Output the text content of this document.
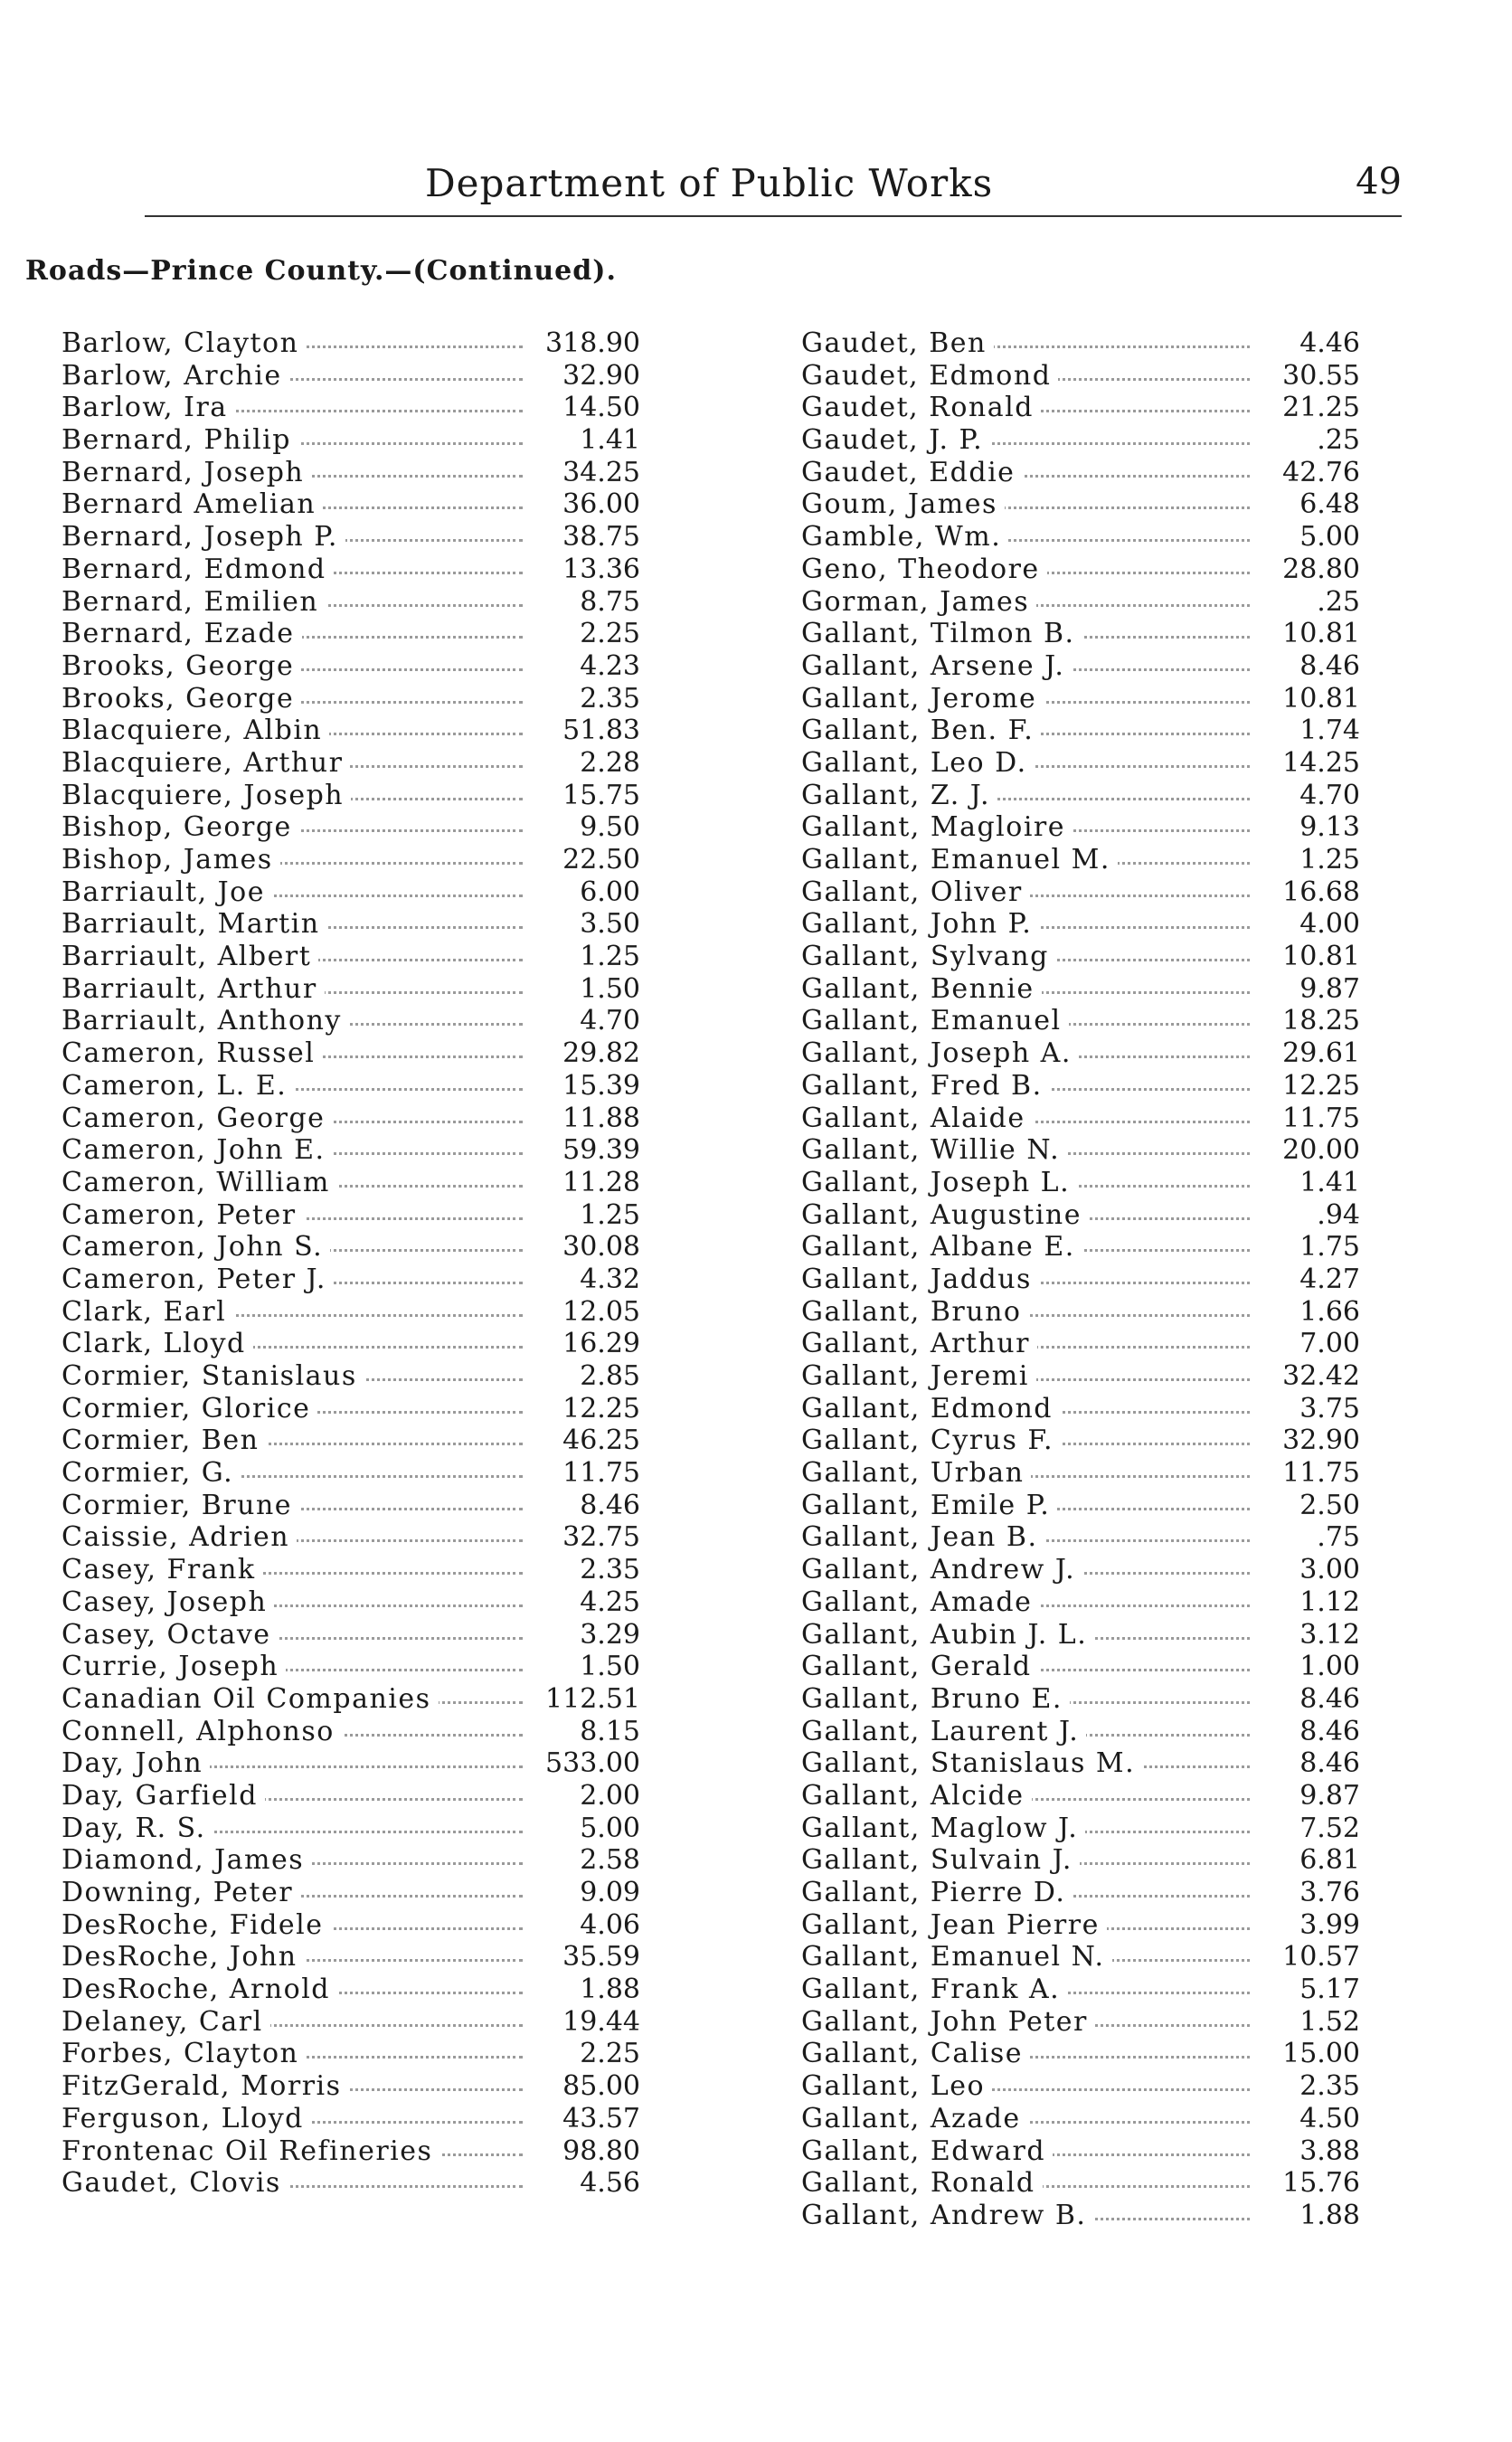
Department of Public Works	49
Roads—Prince County.—(Continued).
Barlow, Clayton	318.90
Barlow, Archie	32.90
Barlow, Ira	14.50
Bernard, Philip	1.41
Bernard, Joseph	34.25
Bernard Amelian	36.00
Bernard, Joseph P.	38.75
Bernard, Edmond	13.36
Bernard, Emilien	8.75
Bernard, Ezade	2.25
Brooks, George	4.23
Brooks, George	2.35
Blacquiere, Albin	51.83
Blacquiere, Arthur	2.28
Blacquiere, Joseph	15.75
Bishop, George	9.50
Bishop, James	22.50
Barriault, Joe	6.00
Barriault, Martin	3.50
Barriault, Albert	1.25
Barriault, Arthur	1.50
Barriault, Anthony	4.70
Cameron, Russel	29.82
Cameron, L. E.	15.39
Cameron, George	11.88
Cameron, John E.	59.39
Cameron, William	11.28
Cameron, Peter	1.25
Cameron, John S.	30.08
Cameron, Peter J.	4.32
Clark, Earl	12.05
Clark, Lloyd	16.29
Cormier, Stanislaus	2.85
Cormier, Glorice	12.25
Cormier, Ben	46.25
Cormier, G.	11.75
Cormier, Brune	8.46
Caissie, Adrien	32.75
Casey, Frank	2.35
Casey, Joseph	4.25
Casey, Octave	3.29
Currie, Joseph	1.50
Canadian Oil Companies	112.51
Connell, Alphonso	8.15
Day, John	533.00
Day, Garfield	2.00
Day, R. S.	5.00
Diamond, James	2.58
Downing, Peter	9.09
DesRoche, Fidele	4.06
DesRoche, John	35.59
DesRoche, Arnold	1.88
Delaney, Carl	19.44
Forbes, Clayton	2.25
FitzGerald, Morris	85.00
Ferguson, Lloyd	43.57
Frontenac Oil Refineries	98.80
Gaudet, Clovis	4.56
Gaudet, Ben	4.46
Gaudet, Edmond	30.55
Gaudet, Ronald	21.25
Gaudet, J. P.	.25
Gaudet, Eddie	42.76
Goum, James	6.48
Gamble, Wm.	5.00
Geno, Theodore	28.80
Gorman, James	.25
Gallant, Tilmon B.	10.81
Gallant, Arsene J.	8.46
Gallant, Jerome	10.81
Gallant, Ben. F.	1.74
Gallant, Leo D.	14.25
Gallant, Z. J.	4.70
Gallant, Magloire	9.13
Gallant, Emanuel M.	1.25
Gallant, Oliver	16.68
Gallant, John P.	4.00
Gallant, Sylvang	10.81
Gallant, Bennie	9.87
Gallant, Emanuel	18.25
Gallant, Joseph A.	29.61
Gallant, Fred B.	12.25
Gallant, Alaide	11.75
Gallant, Willie N.	20.00
Gallant, Joseph L.	1.41
Gallant, Augustine	.94
Gallant, Albane E.	1.75
Gallant, Jaddus	4.27
Gallant, Bruno	1.66
Gallant, Arthur	7.00
Gallant, Jeremi	32.42
Gallant, Edmond	3.75
Gallant, Cyrus F.	32.90
Gallant, Urban	11.75
Gallant, Emile P.	2.50
Gallant, Jean B.	.75
Gallant, Andrew J.	3.00
Gallant, Amade	1.12
Gallant, Aubin J. L.	3.12
Gallant, Gerald	1.00
Gallant, Bruno E.	8.46
Gallant, Laurent J.	8.46
Gallant, Stanislaus M.	8.46
Gallant, Alcide	9.87
Gallant, Maglow J.	7.52
Gallant, Sulvain J.	6.81
Gallant, Pierre D.	3.76
Gallant, Jean Pierre	3.99
Gallant, Emanuel N.	10.57
Gallant, Frank A.	5.17
Gallant, John Peter	1.52
Gallant, Calise	15.00
Gallant, Leo	2.35
Gallant, Azade	4.50
Gallant, Edward	3.88
Gallant, Ronald	15.76
Gallant, Andrew B.	1.88
